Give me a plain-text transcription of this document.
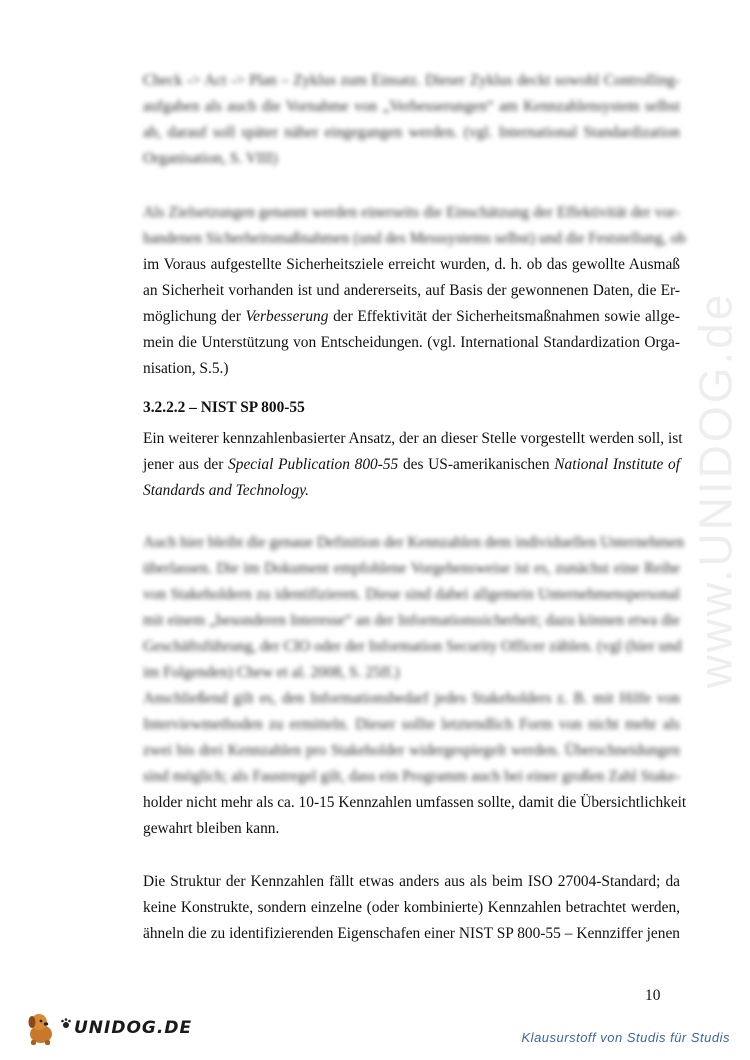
Check -> Act -> Plan – Zyklus zum Einsatz. Dieser Zyklus deckt sowohl Controlling-
aufgaben als auch die Vornahme von „Verbesserungen“ am Kennzahlensystem selbst
ab, darauf soll später näher eingegangen werden. (vgl. International Standardization
Organisation, S. VIII)

Als Zielsetzungen genannt werden einerseits die Einschätzung der Effektivität der vor-
handenen Sicherheitsmaßnahmen (und des Messsystems selbst) und die Feststellung, ob

im Voraus aufgestellte Sicherheitsziele erreicht wurden, d. h. ob das gewollte Ausmaß
an Sicherheit vorhanden ist und andererseits, auf Basis der gewonnenen Daten, die Er-
möglichung der Verbesserung der Effektivität der Sicherheitsmaßnahmen sowie allge-
mein die Unterstützung von Entscheidungen. (vgl. International Standardization Orga-
nisation, S.5.)

3.2.2.2 – NIST SP 800-55

Ein weiterer kennzahlenbasierter Ansatz, der an dieser Stelle vorgestellt werden soll, ist
jener aus der Special Publication 800-55 des US-amerikanischen National Institute of
Standards and Technology.

Auch hier bleibt die genaue Definition der Kennzahlen dem individuellen Unternehmen
überlassen. Die im Dokument empfohlene Vorgehensweise ist es, zunächst eine Reihe
von Stakeholdern zu identifizieren. Diese sind dabei allgemein Unternehmenspersonal
mit einem „besonderen Interesse“ an der Informationssicherheit; dazu können etwa die
Geschäftsführung, der CIO oder der Information Security Officer zählen. (vgl (hier und
im Folgenden) Chew et al. 2008, S. 25ff.)

Anschließend gilt es, den Informationsbedarf jedes Stakeholders z. B. mit Hilfe von
Interviewmethoden zu ermitteln. Dieser sollte letztendlich Form von nicht mehr als
zwei bis drei Kennzahlen pro Stakeholder widergespiegelt werden. Überschneidungen
sind möglich; als Faustregel gilt, dass ein Programm auch bei einer großen Zahl Stake-

holder nicht mehr als ca. 10-15 Kennzahlen umfassen sollte, damit die Übersichtlichkeit
gewahrt bleiben kann.

Die Struktur der Kennzahlen fällt etwas anders aus als beim ISO 27004-Standard; da
keine Konstrukte, sondern einzelne (oder kombinierte) Kennzahlen betrachtet werden,
ähneln die zu identifizierenden Eigenschafen einer NIST SP 800-55 – Kennziffer jenen

www.UNIDOG.de
10
UNIDOG.DE	Klausurstoff von Studis für Studis
